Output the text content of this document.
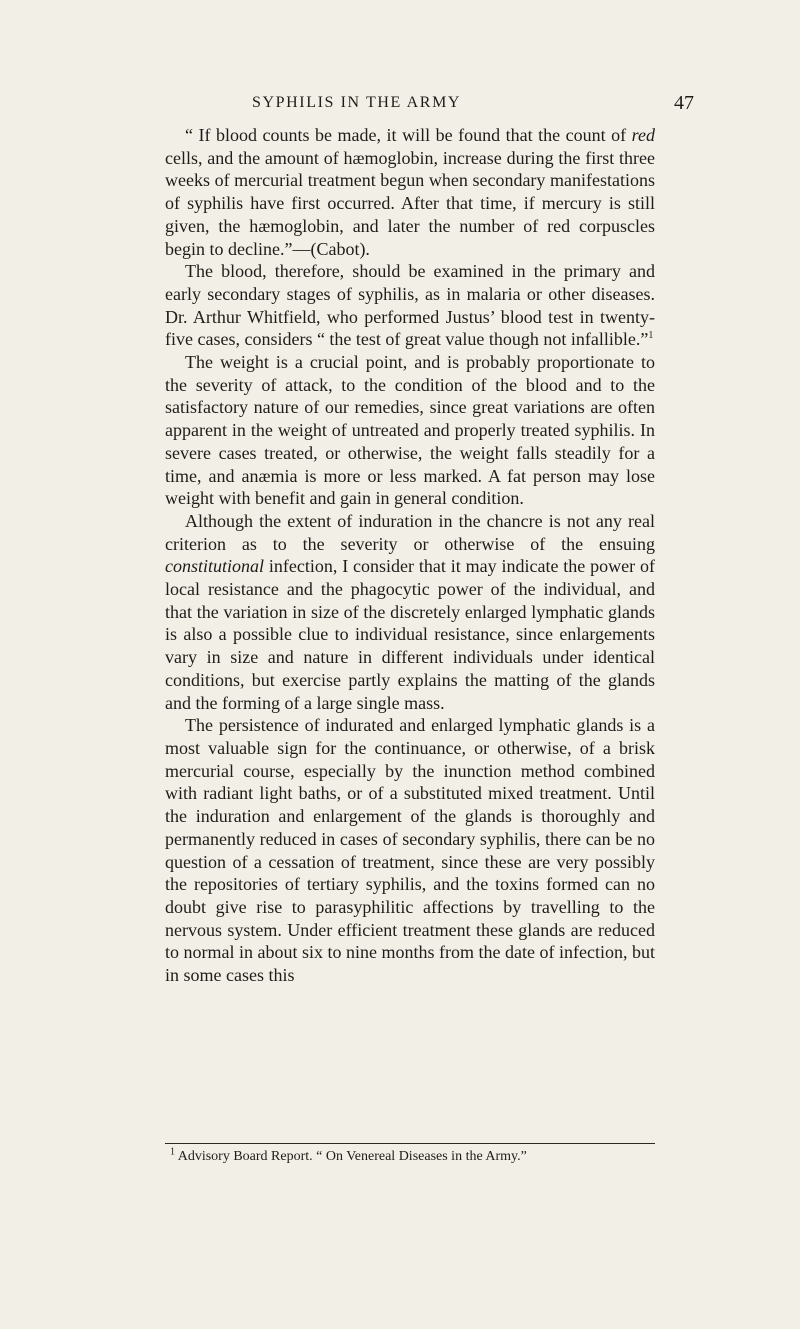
SYPHILIS IN THE ARMY	47

“ If blood counts be made, it will be found that the count of red cells, and the amount of hæmoglobin, increase during the first three weeks of mercurial treatment begun when secondary manifestations of syphilis have first occurred. After that time, if mercury is still given, the hæmoglobin, and later the number of red corpuscles begin to decline.”—(Cabot).

The blood, therefore, should be examined in the primary and early secondary stages of syphilis, as in malaria or other diseases. Dr. Arthur Whitfield, who performed Justus’ blood test in twenty-five cases, considers “ the test of great value though not infallible.”$^1$

The weight is a crucial point, and is probably proportionate to the severity of attack, to the condition of the blood and to the satisfactory nature of our remedies, since great variations are often apparent in the weight of untreated and properly treated syphilis. In severe cases treated, or otherwise, the weight falls steadily for a time, and anæmia is more or less marked. A fat person may lose weight with benefit and gain in general condition.

Although the extent of induration in the chancre is not any real criterion as to the severity or otherwise of the ensuing constitutional infection, I consider that it may indicate the power of local resistance and the phagocytic power of the individual, and that the variation in size of the discretely enlarged lymphatic glands is also a possible clue to individual resistance, since enlargements vary in size and nature in different individuals under identical conditions, but exercise partly explains the matting of the glands and the forming of a large single mass.

The persistence of indurated and enlarged lymphatic glands is a most valuable sign for the continuance, or otherwise, of a brisk mercurial course, especially by the inunction method combined with radiant light baths, or of a substituted mixed treatment. Until the induration and enlargement of the glands is thoroughly and permanently reduced in cases of secondary syphilis, there can be no question of a cessation of treatment, since these are very possibly the repositories of tertiary syphilis, and the toxins formed can no doubt give rise to parasyphilitic affections by travelling to the nervous system. Under efficient treatment these glands are reduced to normal in about six to nine months from the date of infection, but in some cases this

$^1$ Advisory Board Report. “ On Venereal Diseases in the Army.”
